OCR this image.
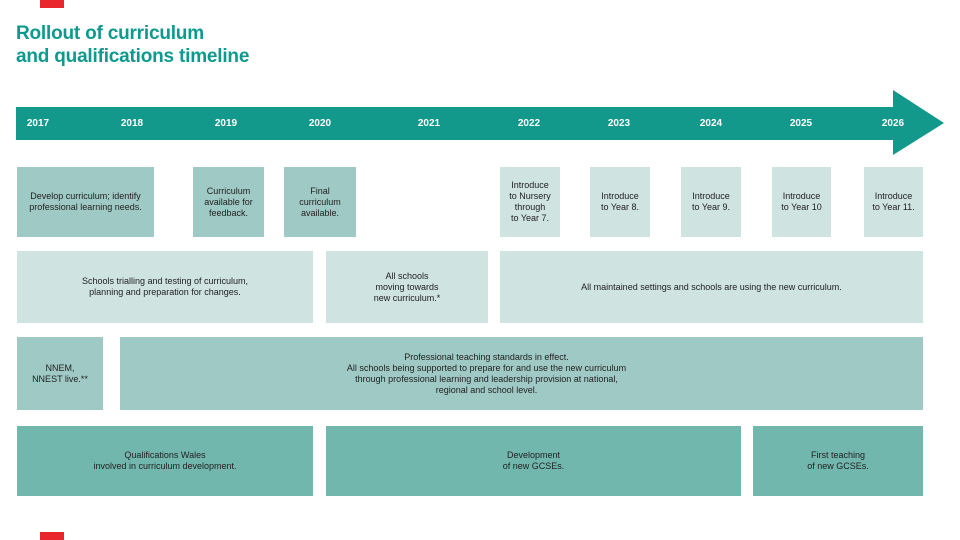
Rollout of curriculum
and qualifications timeline
2017	2018	2019	2020	2021	2022	2023	2024	2025	2026
Develop curriculum; identify
professional learning needs.
Curriculum
available for
feedback.
Final
curriculum
available.
Introduce
to Nursery
through
to Year 7.
Introduce
to Year 8.
Introduce
to Year 9.
Introduce
to Year 10
Introduce
to Year 11.
Schools trialling and testing of curriculum,
planning and preparation for changes.
All schools
moving towards
new curriculum.*
All maintained settings and schools are using the new curriculum.
NNEM,
NNEST live.**
Professional teaching standards in effect.
All schools being supported to prepare for and use the new curriculum
through professional learning and leadership provision at national,
regional and school level.
Qualifications Wales
involved in curriculum development.
Development
of new GCSEs.
First teaching
of new GCSEs.
